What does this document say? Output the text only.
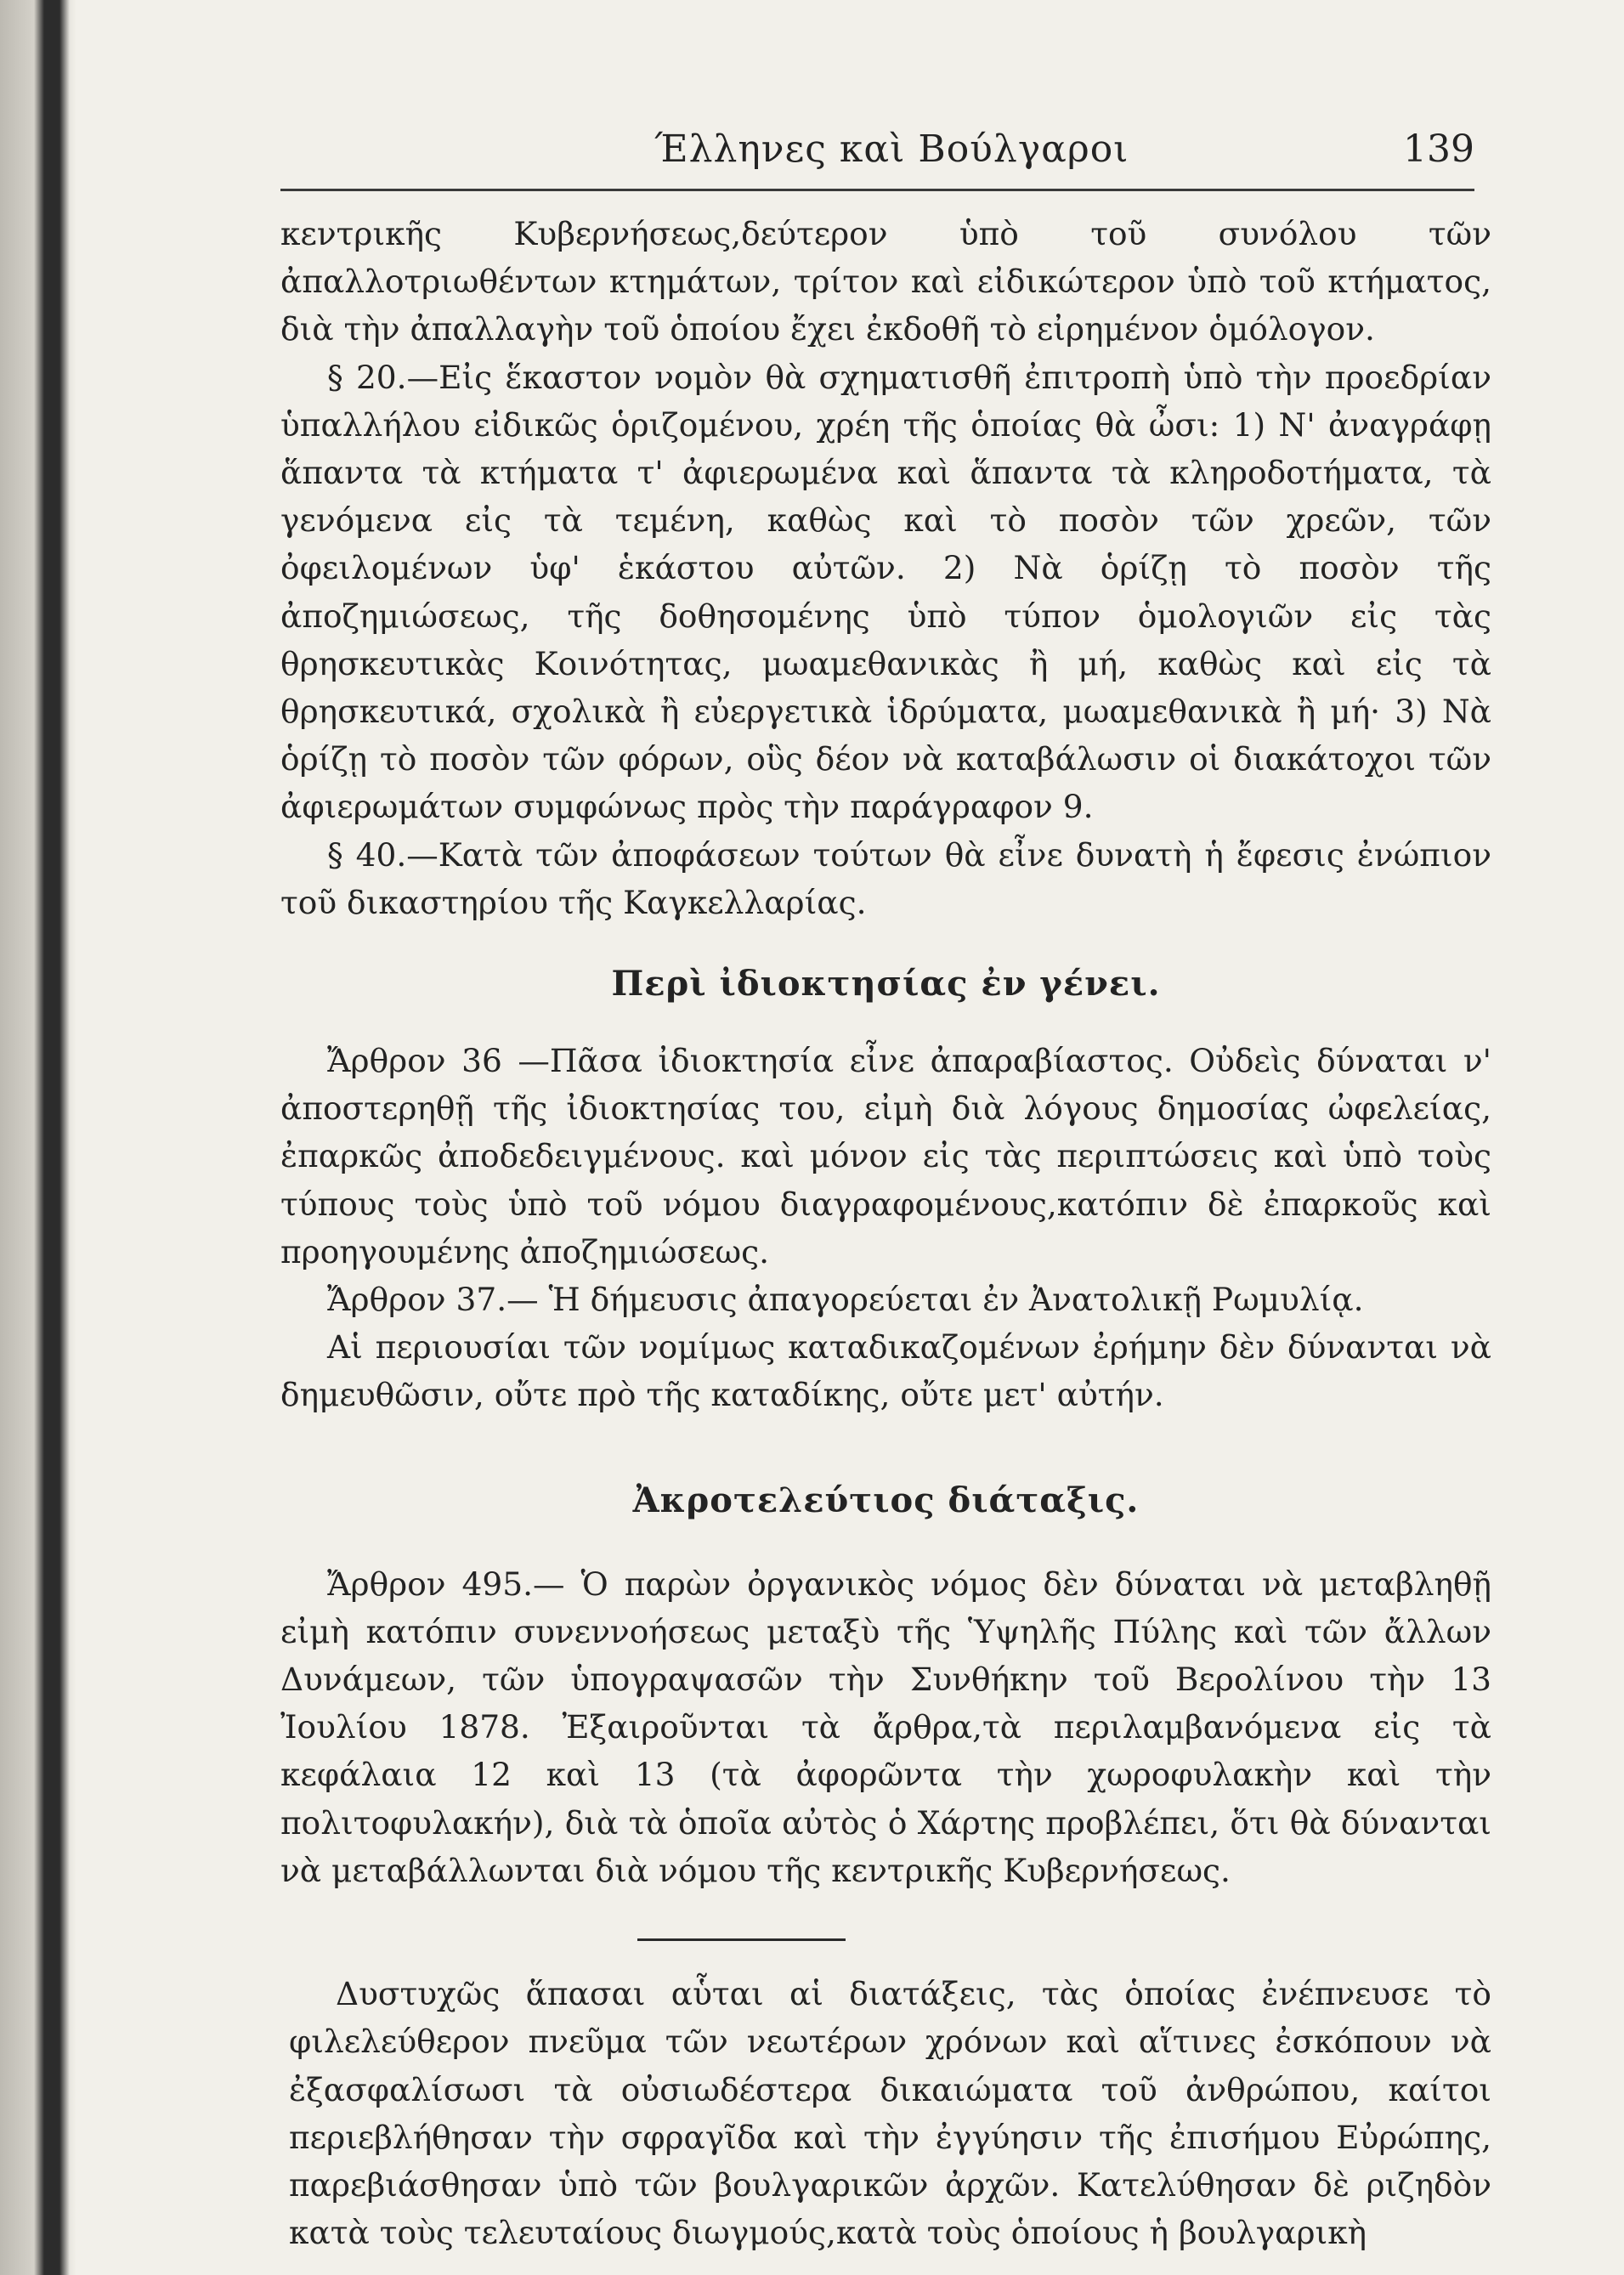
Έλληνες καὶ Βούλγαροι	139

κεντρικῆς Κυβερνήσεως,δεύτερον ὑπὸ τοῦ συνόλου τῶν ἀπαλλοτριωθέντων κτημάτων, τρίτον καὶ εἰδικώτερον ὑπὸ τοῦ κτήματος, διὰ τὴν ἀπαλλαγὴν τοῦ ὁποίου ἔχει ἐκδοθῆ τὸ εἰρημένον ὁμόλογον.

§ 20.—Εἰς ἕκαστον νομὸν θὰ σχηματισθῆ ἐπιτροπὴ ὑπὸ τὴν προεδρίαν ὑπαλλήλου εἰδικῶς ὁριζομένου, χρέη τῆς ὁποίας θὰ ὦσι: 1) Ν' ἀναγράφῃ ἅπαντα τὰ κτήματα τ' ἀφιερωμένα καὶ ἅπαντα τὰ κληροδοτήματα, τὰ γενόμενα εἰς τὰ τεμένη, καθὼς καὶ τὸ ποσὸν τῶν χρεῶν, τῶν ὀφειλομένων ὑφ' ἑκάστου αὐτῶν. 2) Νὰ ὁρίζῃ τὸ ποσὸν τῆς ἀποζημιώσεως, τῆς δοθησομένης ὑπὸ τύπον ὁμολογιῶν εἰς τὰς θρησκευτικὰς Κοινότητας, μωαμεθανικὰς ἢ μή, καθὼς καὶ εἰς τὰ θρησκευτικά, σχολικὰ ἢ εὐεργετικὰ ἱδρύματα, μωαμεθανικὰ ἢ μή· 3) Νὰ ὁρίζῃ τὸ ποσὸν τῶν φόρων, οὓς δέον νὰ καταβάλωσιν οἱ διακάτοχοι τῶν ἀφιερωμάτων συμφώνως πρὸς τὴν παράγραφον 9.

§ 40.—Κατὰ τῶν ἀποφάσεων τούτων θὰ εἶνε δυνατὴ ἡ ἔφεσις ἐνώπιον τοῦ δικαστηρίου τῆς Καγκελλαρίας.

Περὶ ἰδιοκτησίας ἐν γένει.

Ἄρθρον 36 —Πᾶσα ἰδιοκτησία εἶνε ἀπαραβίαστος. Οὐδεὶς δύναται ν' ἀποστερηθῇ τῆς ἰδιοκτησίας του, εἰμὴ διὰ λόγους δημοσίας ὠφελείας, ἐπαρκῶς ἀποδεδειγμένους. καὶ μόνον εἰς τὰς περιπτώσεις καὶ ὑπὸ τοὺς τύπους τοὺς ὑπὸ τοῦ νόμου διαγραφομένους,κατόπιν δὲ ἐπαρκοῦς καὶ προηγουμένης ἀποζημιώσεως.

Ἄρθρον 37.— Ἡ δήμευσις ἀπαγορεύεται ἐν Ἀνατολικῇ Ρωμυλίᾳ.

Αἱ περιουσίαι τῶν νομίμως καταδικαζομένων ἐρήμην δὲν δύνανται νὰ δημευθῶσιν, οὔτε πρὸ τῆς καταδίκης, οὔτε μετ' αὐτήν.

Ἀκροτελεύτιος διάταξις.

Ἄρθρον 495.— Ὁ παρὼν ὀργανικὸς νόμος δὲν δύναται νὰ μεταβληθῇ εἰμὴ κατόπιν συνεννοήσεως μεταξὺ τῆς Ὑψηλῆς Πύλης καὶ τῶν ἄλλων Δυνάμεων, τῶν ὑπογραψασῶν τὴν Συνθήκην τοῦ Βερολίνου τὴν 13 Ἰουλίου 1878. Ἐξαιροῦνται τὰ ἄρθρα,τὰ περιλαμβανόμενα εἰς τὰ κεφάλαια 12 καὶ 13 (τὰ ἀφορῶντα τὴν χωροφυλακὴν καὶ τὴν πολιτοφυλακήν), διὰ τὰ ὁποῖα αὐτὸς ὁ Χάρτης προβλέπει, ὅτι θὰ δύνανται νὰ μεταβάλλωνται διὰ νόμου τῆς κεντρικῆς Κυβερνήσεως.

Δυστυχῶς ἅπασαι αὗται αἱ διατάξεις, τὰς ὁποίας ἐνέπνευσε τὸ φιλελεύθερον πνεῦμα τῶν νεωτέρων χρόνων καὶ αἵτινες ἐσκόπουν νὰ ἐξασφαλίσωσι τὰ οὐσιωδέστερα δικαιώματα τοῦ ἀνθρώπου, καίτοι περιεβλήθησαν τὴν σφραγῖδα καὶ τὴν ἐγγύησιν τῆς ἐπισήμου Εὐρώπης, παρεβιάσθησαν ὑπὸ τῶν βουλγαρικῶν ἀρχῶν. Κατελύθησαν δὲ ριζηδὸν κατὰ τοὺς τελευταίους διωγμούς,κατὰ τοὺς ὁποίους ἡ βουλγαρικὴ
